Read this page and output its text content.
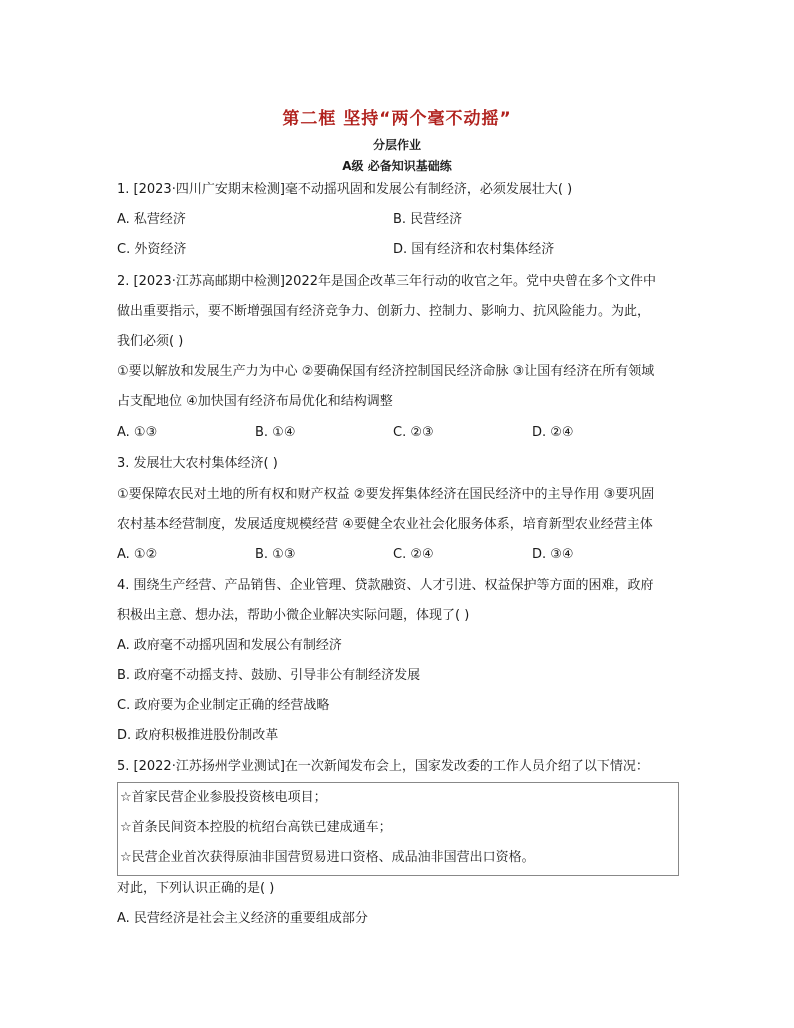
第二框 坚持“两个毫不动摇”
分层作业
A级 必备知识基础练
1. [2023·四川广安期末检测]毫不动摇巩固和发展公有制经济，必须发展壮大( )
A. 私营经济	B. 民营经济
C. 外资经济	D. 国有经济和农村集体经济
2. [2023·江苏高邮期中检测]2022年是国企改革三年行动的收官之年。党中央曾在多个文件中
做出重要指示，要不断增强国有经济竞争力、创新力、控制力、影响力、抗风险能力。为此，
我们必须( )
①要以解放和发展生产力为中心 ②要确保国有经济控制国民经济命脉 ③让国有经济在所有领域
占支配地位 ④加快国有经济布局优化和结构调整
A. ①③	B. ①④	C. ②③	D. ②④
3. 发展壮大农村集体经济( )
①要保障农民对土地的所有权和财产权益 ②要发挥集体经济在国民经济中的主导作用 ③要巩固
农村基本经营制度，发展适度规模经营 ④要健全农业社会化服务体系，培育新型农业经营主体
A. ①②	B. ①③	C. ②④	D. ③④
4. 围绕生产经营、产品销售、企业管理、贷款融资、人才引进、权益保护等方面的困难，政府
积极出主意、想办法，帮助小微企业解决实际问题，体现了( )
A. 政府毫不动摇巩固和发展公有制经济
B. 政府毫不动摇支持、鼓励、引导非公有制经济发展
C. 政府要为企业制定正确的经营战略
D. 政府积极推进股份制改革
5. [2022·江苏扬州学业测试]在一次新闻发布会上，国家发改委的工作人员介绍了以下情况：
☆首家民营企业参股投资核电项目；
☆首条民间资本控股的杭绍台高铁已建成通车；
☆民营企业首次获得原油非国营贸易进口资格、成品油非国营出口资格。
对此，下列认识正确的是( )
A. 民营经济是社会主义经济的重要组成部分
